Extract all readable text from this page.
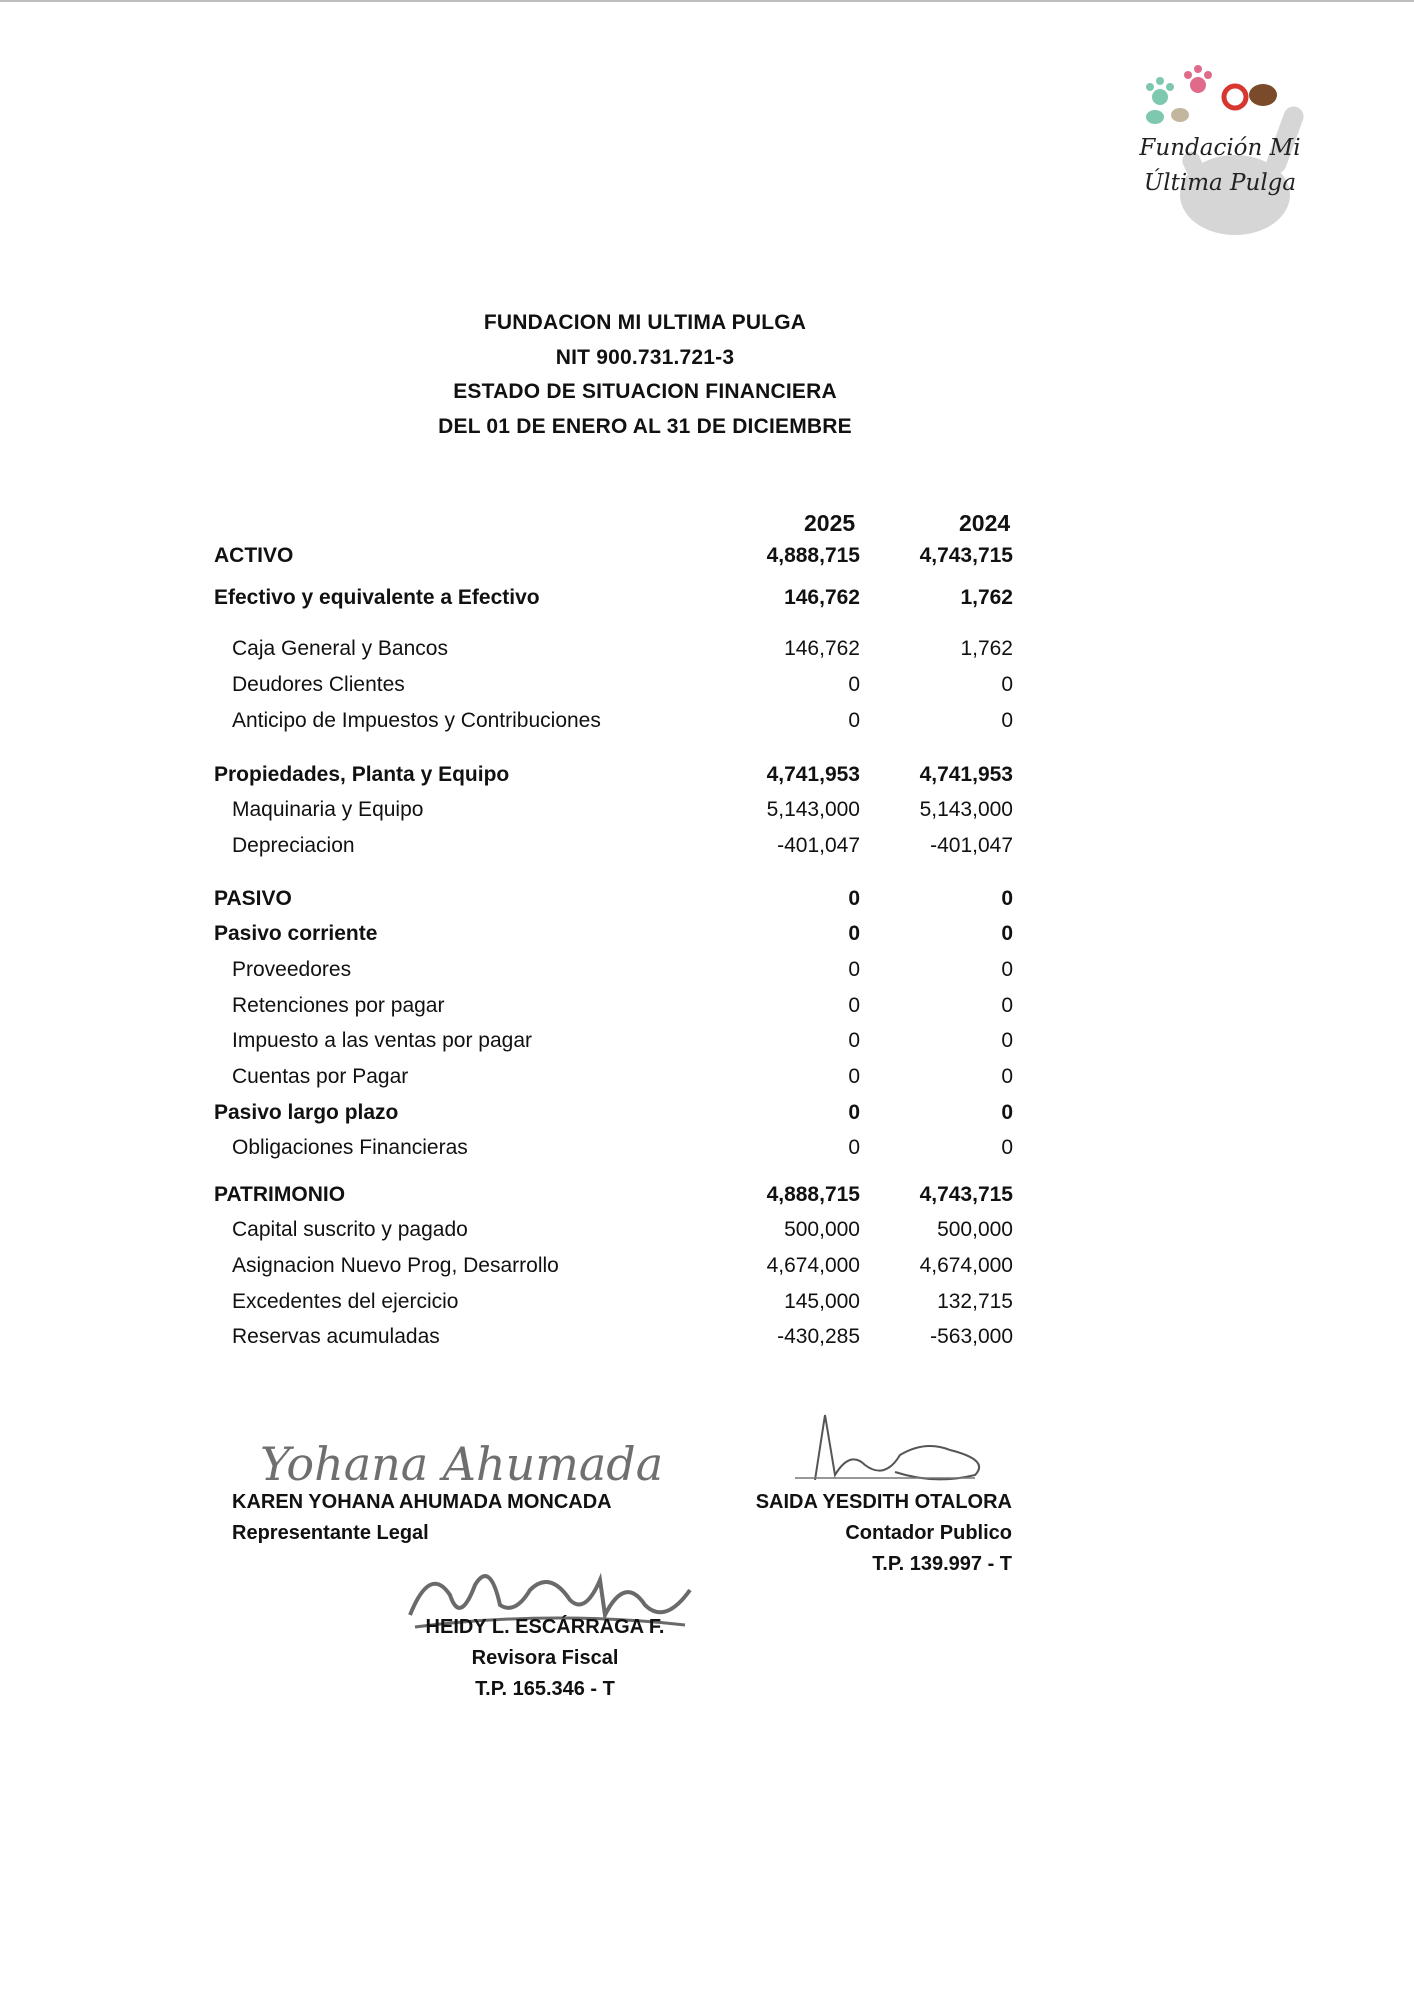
Fundación Mi
Última Pulga
FUNDACION MI ULTIMA PULGA
NIT 900.731.721-3
ESTADO DE SITUACION FINANCIERA
DEL 01 DE ENERO AL 31 DE DICIEMBRE
2025	2024
ACTIVO	4,888,715	4,743,715
Efectivo y equivalente a Efectivo	146,762	1,762
Caja General y Bancos	146,762	1,762
Deudores Clientes	0	0
Anticipo de Impuestos y Contribuciones	0	0
Propiedades, Planta y Equipo	4,741,953	4,741,953
Maquinaria y Equipo	5,143,000	5,143,000
Depreciacion	-401,047	-401,047
PASIVO	0	0
Pasivo corriente	0	0
Proveedores	0	0
Retenciones por pagar	0	0
Impuesto a las ventas por pagar	0	0
Cuentas por Pagar	0	0
Pasivo largo plazo	0	0
Obligaciones Financieras	0	0
PATRIMONIO	4,888,715	4,743,715
Capital suscrito y pagado	500,000	500,000
Asignacion Nuevo Prog, Desarrollo	4,674,000	4,674,000
Excedentes del ejercicio	145,000	132,715
Reservas acumuladas	-430,285	-563,000
Yohana Ahumada
KAREN YOHANA AHUMADA MONCADA
Representante Legal
SAIDA YESDITH OTALORA
Contador Publico
T.P. 139.997 - T
HEIDY L. ESCÁRRAGA F.
Revisora Fiscal
T.P. 165.346 - T
